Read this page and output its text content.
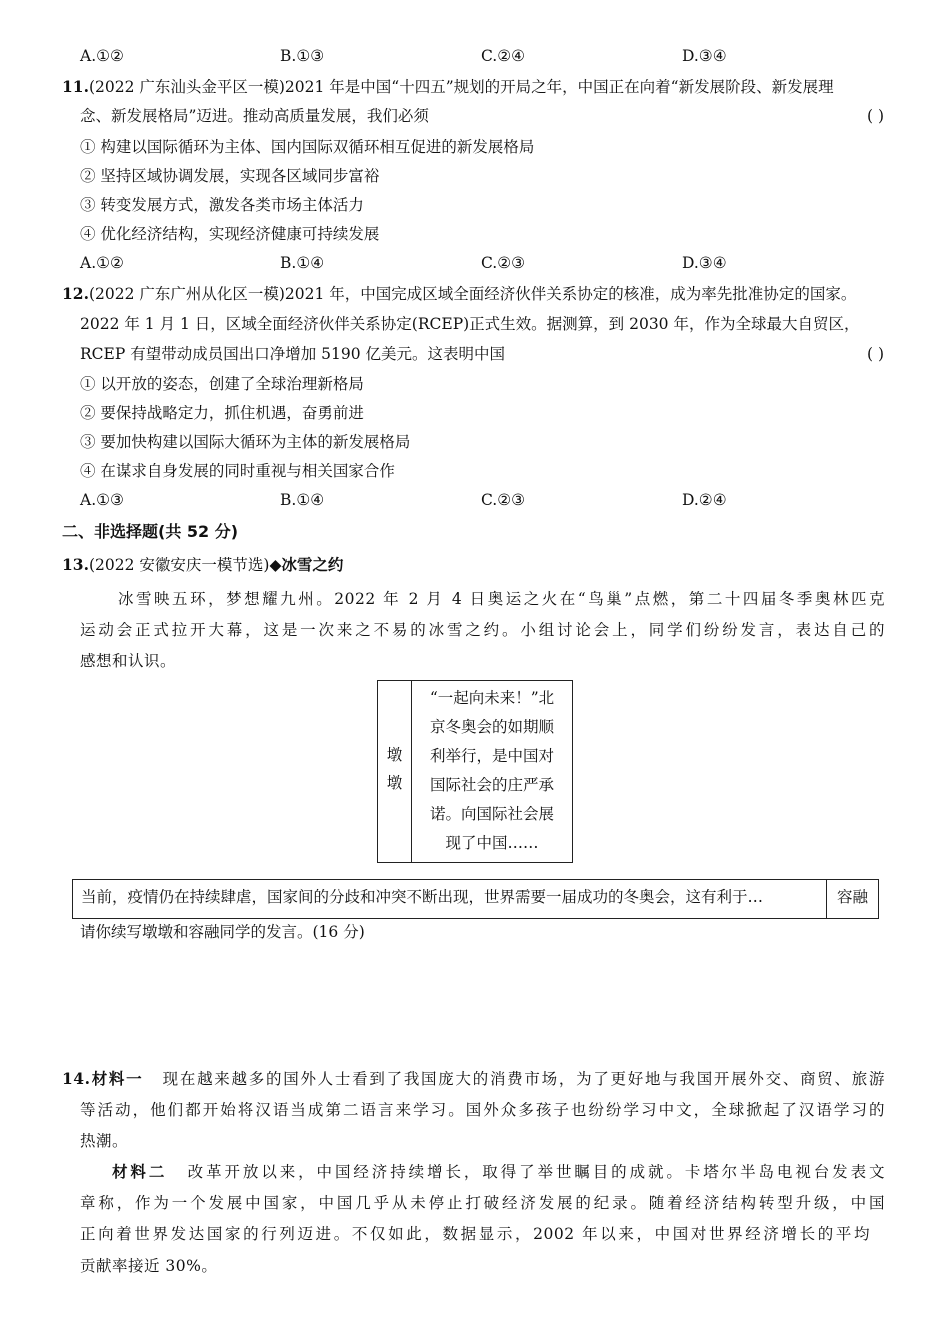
A.①②	B.①③	C.②④	D.③④
11.(2022 广东汕头金平区一模)2021 年是中国“十四五”规划的开局之年，中国正在向着“新发展阶段、新发展理
念、新发展格局”迈进。推动高质量发展，我们必须	( )
① 构建以国际循环为主体、国内国际双循环相互促进的新发展格局
② 坚持区域协调发展，实现各区域同步富裕
③ 转变发展方式，激发各类市场主体活力
④ 优化经济结构，实现经济健康可持续发展
A.①②	B.①④	C.②③	D.③④
12.(2022 广东广州从化区一模)2021 年，中国完成区域全面经济伙伴关系协定的核准，成为率先批准协定的国家。
2022 年 1 月 1 日，区域全面经济伙伴关系协定(RCEP)正式生效。据测算，到 2030 年，作为全球最大自贸区，
RCEP 有望带动成员国出口净增加 5190 亿美元。这表明中国	( )
① 以开放的姿态，创建了全球治理新格局
② 要保持战略定力，抓住机遇，奋勇前进
③ 要加快构建以国际大循环为主体的新发展格局
④ 在谋求自身发展的同时重视与相关国家合作
A.①③	B.①④	C.②③	D.②④
二、非选择题(共 52 分)
13.(2022 安徽安庆一模节选)◆冰雪之约
冰雪映五环，梦想耀九州。2022 年 2 月 4 日奥运之火在“鸟巢”点燃，第二十四届冬季奥林匹克
运动会正式拉开大幕，这是一次来之不易的冰雪之约。小组讨论会上，同学们纷纷发言，表达自己的
感想和认识。
墩
墩
“一起向未来！”北
京冬奥会的如期顺
利举行，是中国对
国际社会的庄严承
诺。向国际社会展
现了中国……
当前，疫情仍在持续肆虐，国家间的分歧和冲突不断出现，世界需要一届成功的冬奥会，这有利于…	容融
请你续写墩墩和容融同学的发言。(16 分)
14.材料一 现在越来越多的国外人士看到了我国庞大的消费市场，为了更好地与我国开展外交、商贸、旅游
等活动，他们都开始将汉语当成第二语言来学习。国外众多孩子也纷纷学习中文，全球掀起了汉语学习的
热潮。
材料二 改革开放以来，中国经济持续增长，取得了举世瞩目的成就。卡塔尔半岛电视台发表文
章称，作为一个发展中国家，中国几乎从未停止打破经济发展的纪录。随着经济结构转型升级，中国
正向着世界发达国家的行列迈进。不仅如此，数据显示，2002 年以来，中国对世界经济增长的平均
贡献率接近 30%。
